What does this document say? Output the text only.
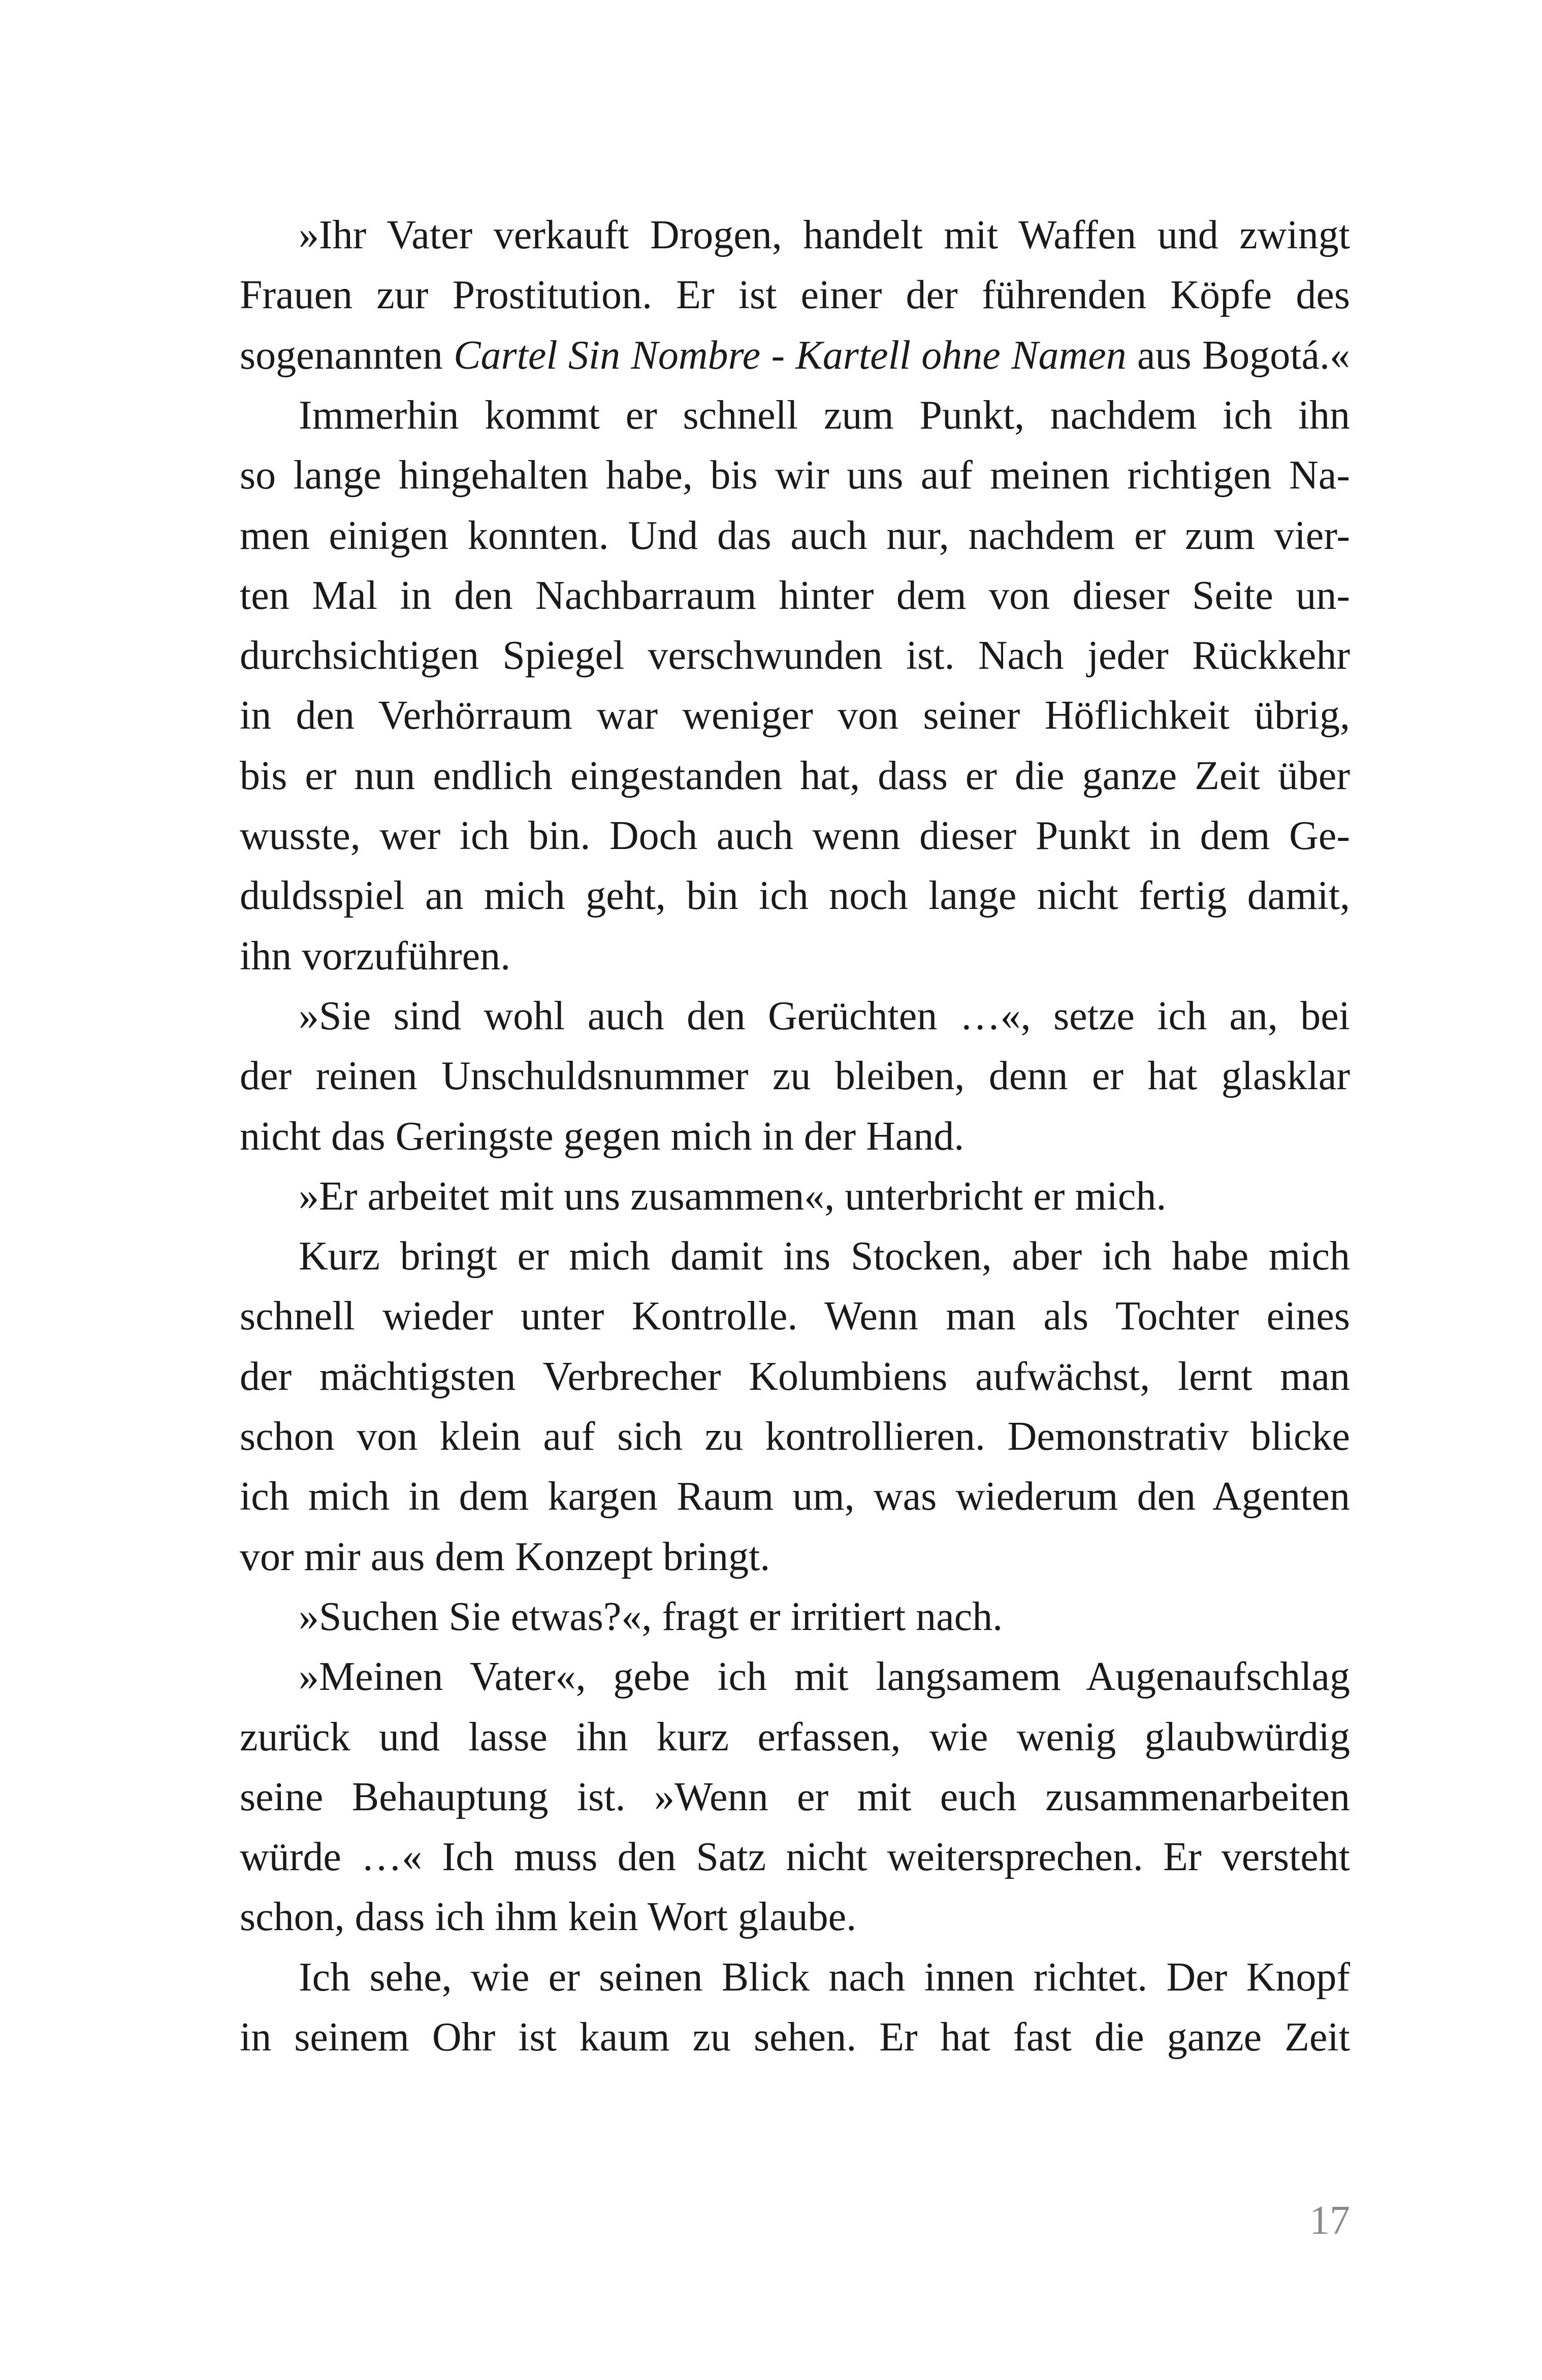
»Ihr Vater verkauft Drogen, handelt mit Waffen und zwingt
Frauen zur Prostitution. Er ist einer der führenden Köpfe des
sogenannten Cartel Sin Nombre - Kartell ohne Namen aus Bogotá.«
Immerhin kommt er schnell zum Punkt, nachdem ich ihn
so lange hingehalten habe, bis wir uns auf meinen richtigen Na-
men einigen konnten. Und das auch nur, nachdem er zum vier-
ten Mal in den Nachbarraum hinter dem von dieser Seite un-
durchsichtigen Spiegel verschwunden ist. Nach jeder Rückkehr
in den Verhörraum war weniger von seiner Höflichkeit übrig,
bis er nun endlich eingestanden hat, dass er die ganze Zeit über
wusste, wer ich bin. Doch auch wenn dieser Punkt in dem Ge-
duldsspiel an mich geht, bin ich noch lange nicht fertig damit,
ihn vorzuführen.
»Sie sind wohl auch den Gerüchten …«, setze ich an, bei
der reinen Unschuldsnummer zu bleiben, denn er hat glasklar
nicht das Geringste gegen mich in der Hand.
»Er arbeitet mit uns zusammen«, unterbricht er mich.
Kurz bringt er mich damit ins Stocken, aber ich habe mich
schnell wieder unter Kontrolle. Wenn man als Tochter eines
der mächtigsten Verbrecher Kolumbiens aufwächst, lernt man
schon von klein auf sich zu kontrollieren. Demonstrativ blicke
ich mich in dem kargen Raum um, was wiederum den Agenten
vor mir aus dem Konzept bringt.
»Suchen Sie etwas?«, fragt er irritiert nach.
»Meinen Vater«, gebe ich mit langsamem Augenaufschlag
zurück und lasse ihn kurz erfassen, wie wenig glaubwürdig
seine Behauptung ist. »Wenn er mit euch zusammenarbeiten
würde …« Ich muss den Satz nicht weitersprechen. Er versteht
schon, dass ich ihm kein Wort glaube.
Ich sehe, wie er seinen Blick nach innen richtet. Der Knopf
in seinem Ohr ist kaum zu sehen. Er hat fast die ganze Zeit
17
